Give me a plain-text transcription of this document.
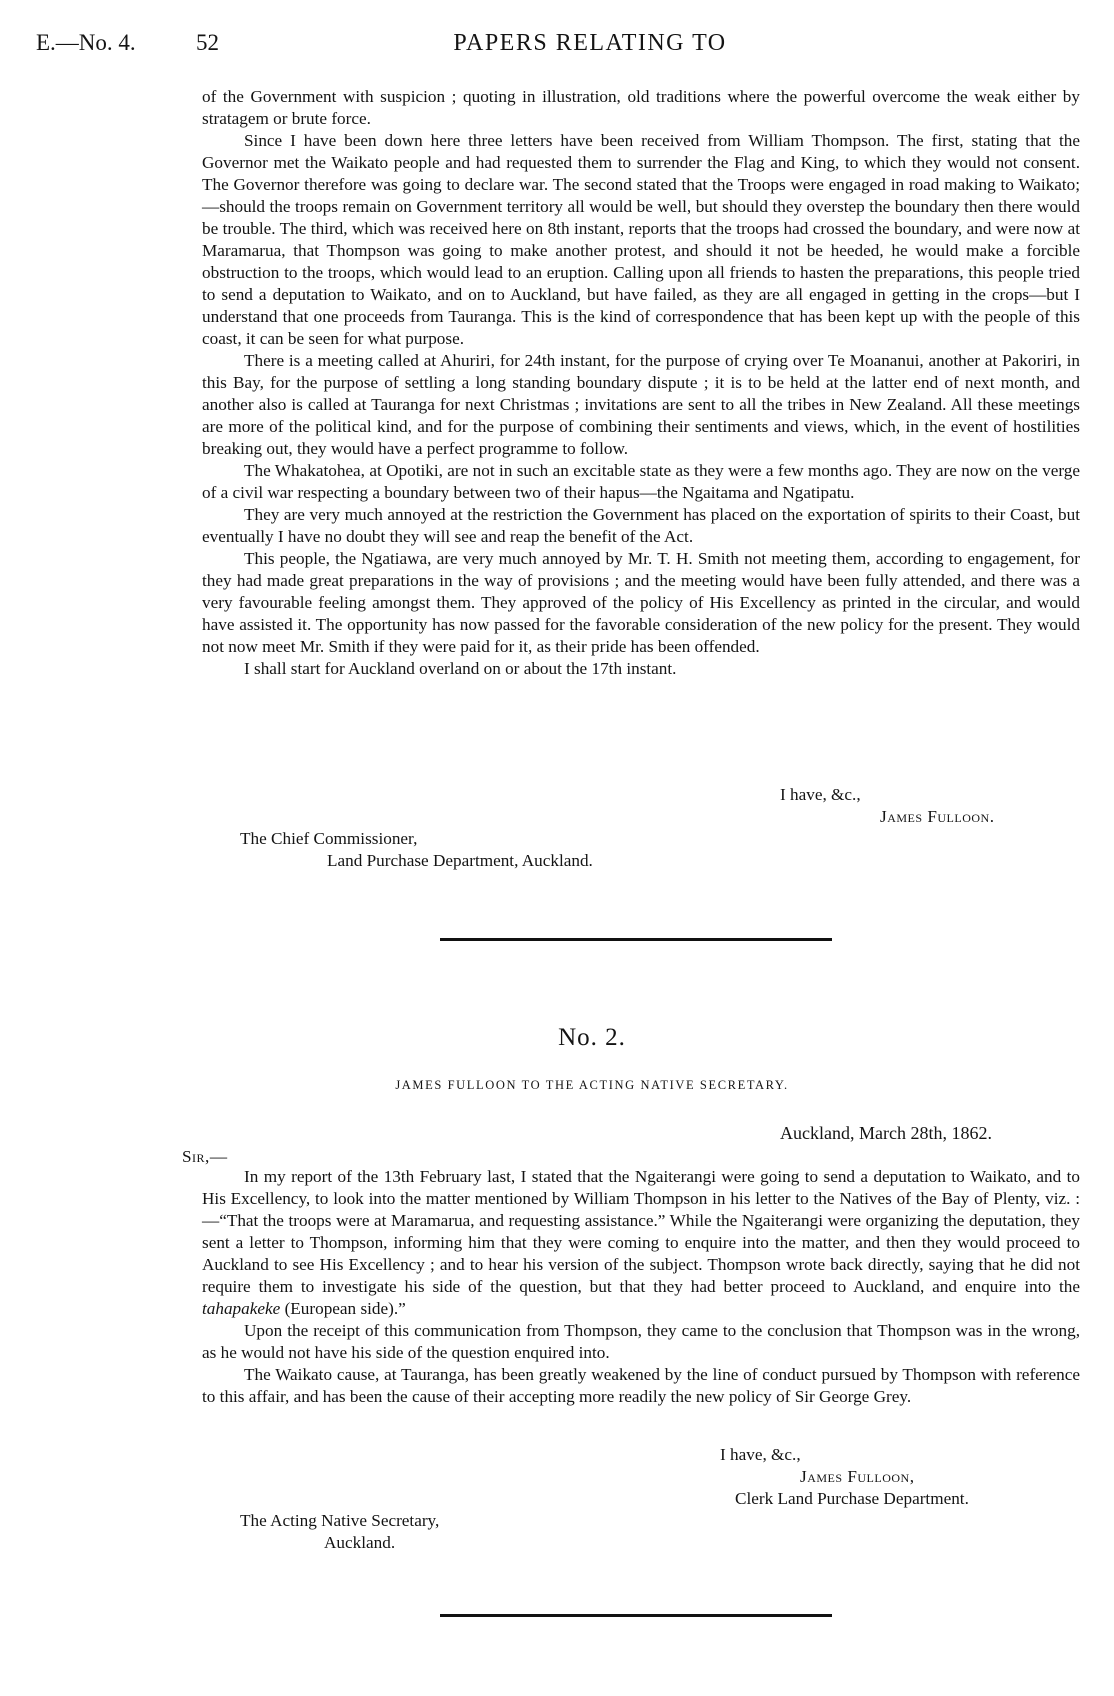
E.—No. 4.	52	PAPERS RELATING TO

of the Government with suspicion ; quoting in illustration, old traditions where the powerful overcome the weak either by stratagem or brute force.

Since I have been down here three letters have been received from William Thompson. The first, stating that the Governor met the Waikato people and had requested them to surrender the Flag and King, to which they would not consent. The Governor therefore was going to declare war. The second stated that the Troops were engaged in road making to Waikato;—should the troops remain on Government territory all would be well, but should they overstep the boundary then there would be trouble. The third, which was received here on 8th instant, reports that the troops had crossed the boundary, and were now at Maramarua, that Thompson was going to make another protest, and should it not be heeded, he would make a forcible obstruction to the troops, which would lead to an eruption. Calling upon all friends to hasten the preparations, this people tried to send a deputation to Waikato, and on to Auckland, but have failed, as they are all engaged in getting in the crops—but I understand that one proceeds from Tauranga. This is the kind of correspondence that has been kept up with the people of this coast, it can be seen for what purpose.

There is a meeting called at Ahuriri, for 24th instant, for the purpose of crying over Te Moananui, another at Pakoriri, in this Bay, for the purpose of settling a long standing boundary dispute ; it is to be held at the latter end of next month, and another also is called at Tauranga for next Christmas ; invitations are sent to all the tribes in New Zealand. All these meetings are more of the political kind, and for the purpose of combining their sentiments and views, which, in the event of hostilities breaking out, they would have a perfect programme to follow.

The Whakatohea, at Opotiki, are not in such an excitable state as they were a few months ago. They are now on the verge of a civil war respecting a boundary between two of their hapus—the Ngaitama and Ngatipatu.

They are very much annoyed at the restriction the Government has placed on the exportation of spirits to their Coast, but eventually I have no doubt they will see and reap the benefit of the Act.

This people, the Ngatiawa, are very much annoyed by Mr. T. H. Smith not meeting them, according to engagement, for they had made great preparations in the way of provisions ; and the meeting would have been fully attended, and there was a very favourable feeling amongst them. They approved of the policy of His Excellency as printed in the circular, and would have assisted it. The opportunity has now passed for the favorable consideration of the new policy for the present. They would not now meet Mr. Smith if they were paid for it, as their pride has been offended.

I shall start for Auckland overland on or about the 17th instant.

I have, &c.,
James Fulloon.
The Chief Commissioner,
Land Purchase Department, Auckland.
No. 2.
JAMES FULLOON TO THE ACTING NATIVE SECRETARY.
Auckland, March 28th, 1862.
Sir,—

In my report of the 13th February last, I stated that the Ngaiterangi were going to send a deputation to Waikato, and to His Excellency, to look into the matter mentioned by William Thompson in his letter to the Natives of the Bay of Plenty, viz. :—“That the troops were at Maramarua, and requesting assistance.” While the Ngaiterangi were organizing the deputation, they sent a letter to Thompson, informing him that they were coming to enquire into the matter, and then they would proceed to Auckland to see His Excellency ; and to hear his version of the subject. Thompson wrote back directly, saying that he did not require them to investigate his side of the question, but that they had better proceed to Auckland, and enquire into the tahapakeke (European side).”

Upon the receipt of this communication from Thompson, they came to the conclusion that Thompson was in the wrong, as he would not have his side of the question enquired into.

The Waikato cause, at Tauranga, has been greatly weakened by the line of conduct pursued by Thompson with reference to this affair, and has been the cause of their accepting more readily the new policy of Sir George Grey.

I have, &c.,
James Fulloon,
Clerk Land Purchase Department.
The Acting Native Secretary,
Auckland.
